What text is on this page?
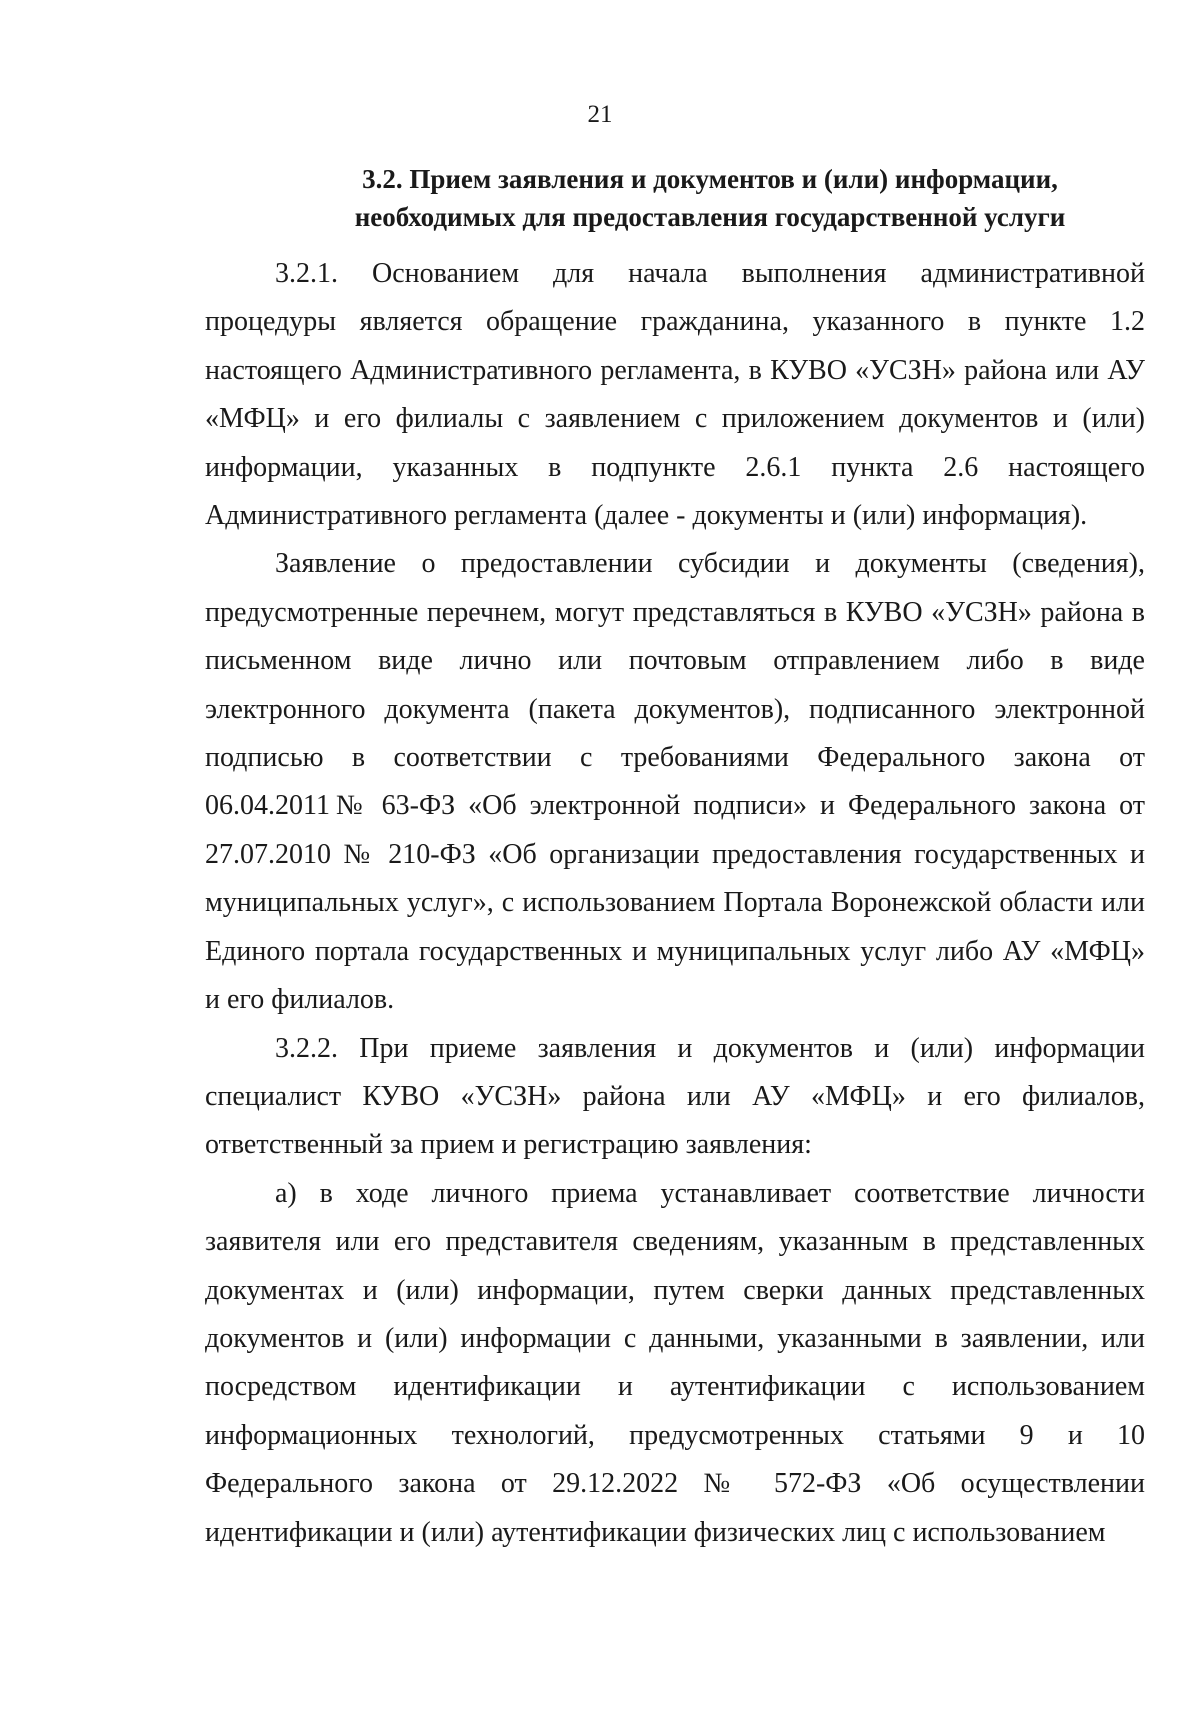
21
3.2. Прием заявления и документов и (или) информации,
необходимых для предоставления государственной услуги

3.2.1. Основанием для начала выполнения административной процедуры является обращение гражданина, указанного в пункте 1.2 настоящего Административного регламента, в КУВО «УСЗН» района или АУ «МФЦ» и его филиалы с заявлением с приложением документов и (или) информации, указанных в подпункте 2.6.1 пункта 2.6 настоящего Административного регламента (далее - документы и (или) информация).

Заявление о предоставлении субсидии и документы (сведения), предусмотренные перечнем, могут представляться в КУВО «УСЗН» района в письменном виде лично или почтовым отправлением либо в виде электронного документа (пакета документов), подписанного электронной подписью в соответствии с требованиями Федерального закона от 06.04.2011№ 63-ФЗ «Об электронной подписи» и Федерального закона от 27.07.2010 № 210-ФЗ «Об организации предоставления государственных и муниципальных услуг», с использованием Портала Воронежской области или Единого портала государственных и муниципальных услуг либо АУ «МФЦ» и его филиалов.

3.2.2. При приеме заявления и документов и (или) информации специалист КУВО «УСЗН» района или АУ «МФЦ» и его филиалов, ответственный за прием и регистрацию заявления:

а) в ходе личного приема устанавливает соответствие личности заявителя или его представителя сведениям, указанным в представленных документах и (или) информации, путем сверки данных представленных документов и (или) информации с данными, указанными в заявлении, или посредством идентификации и аутентификации с использованием информационных технологий, предусмотренных статьями 9 и 10 Федерального закона от 29.12.2022 № 572-ФЗ «Об осуществлении идентификации и (или) аутентификации физических лиц с использованием
